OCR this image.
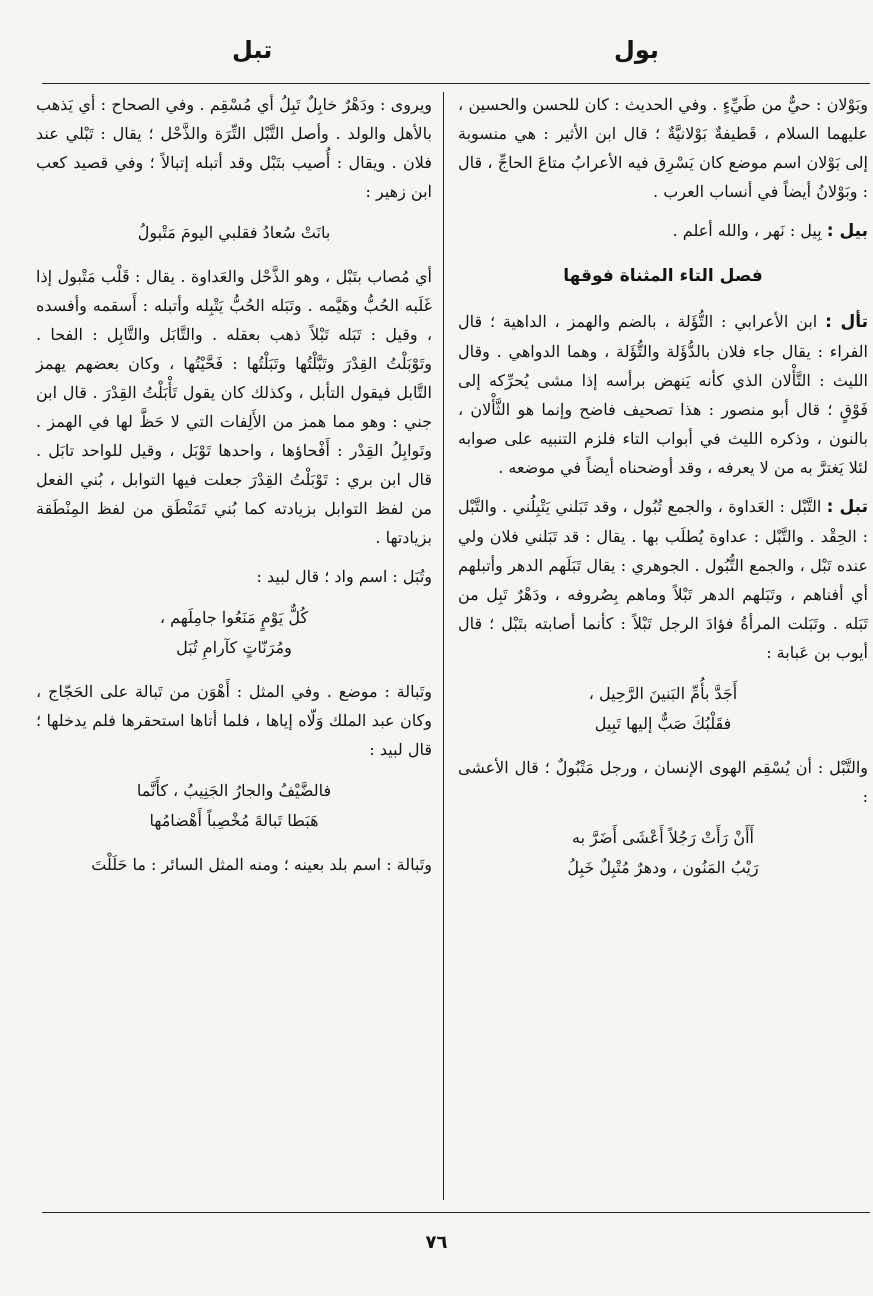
تبل	بول

وبَوْلان : حيٌّ من طَيِّءٍ . وفي الحديث : كان للحسن والحسين ، عليهما السلام ، قَطيفةٌ بَوْلانيَّةٌ ؛ قال ابن الأثير : هي منسوبة إلى بَوْلان اسم موضع كان يَسْرِق فيه الأعرابُ متاعَ الحاجِّ ، قال : وبَوْلانُ أيضاً في أنساب العرب .

بيل : بِيل : نَهر ، والله أعلم .

فصل التاء المثناة فوقها

تأل : ابن الأعرابي : التُّؤَلة ، بالضم والهمز ، الداهية ؛ قال الفراء : يقال جاء فلان بالدُّؤَلة والتُّؤَلة ، وهما الدواهي . وقال الليث : التَّأْلان الذي كأنه يَنهض برأسه إذا مشى يُحرِّكه إلى فَوْقٍ ؛ قال أبو منصور : هذا تصحيف فاضح وإنما هو الثَّأْلان ، بالنون ، وذكره الليث في أبواب التاء فلزم التنبيه على صوابه لئلا يَغترَّ به من لا يعرفه ، وقد أوضحناه أيضاً في موضعه .

تبل : التَّبْل : العَداوة ، والجمع تُبُول ، وقد تَبَلني يَتْبِلُني . والتَّبْل : الحِقْد . والتَّبْل : عداوة يُطلَب بها . يقال : قد تَبَلني فلان ولي عنده تَبْل ، والجمع التُّبُول . الجوهري : يقال تَبَلَهم الدهر وأتبلهم أي أفناهم ، وتَبَلهم الدهر تَبْلاً وماهم بِصُروفه ، ودَهْرٌ تَبِل من تَبَله . وتَبَلت المرأةُ فؤادَ الرجل تَبْلاً : كأنما أصابته بتَبْل ؛ قال أيوب بن عَبابة :

أَجَدَّ بأُمِّ البَنينَ الرَّحِيل ،
فقَلْبُكَ صَبٌّ إليها تَبِيل

والتَّبْل : أن يُسْقِم الهوى الإنسان ، ورجل مَتْبُولٌ ؛ قال الأعشى :

أَأَنْ رَأَتْ رَجُلاً أَعْشَى أَضَرَّ به
رَيْبُ المَنُون ، ودهرٌ مُتْبِلٌ خَبِلُ

ويروى : ودَهْرٌ خابِلٌ تَبِلُ أي مُسْقِم . وفي الصحاح : أي يَذهب بالأهل والولد . وأصل التَّبْل التِّرَة والذَّحْل ؛ يقال : تَبْلي عند فلان . ويقال : أُصيب بتَبْل وقد أتبله إتبالاً ؛ وفي قصيد كعب ابن زهير :

بانَتْ سُعادُ فقلبي اليومَ مَتْبولُ

أي مُصاب بتَبْل ، وهو الذَّحْل والعَداوة . يقال : قَلْب مَتْبول إذا غَلَبه الحُبُّ وهَيَّمه . وتَبَله الحُبُّ يَتْبِله وأتبله : أَسقمه وأفسده ، وقيل : تَبَله تَبْلاً ذهب بعقله . والتَّابَل والتَّابِل : الفحا . وتَوْبَلْتُ القِدْرَ وتَبَّلْتُها وتَبَلْتُها : فَحَّيْتُها ، وكان بعضهم يهمز التَّابل فيقول التأبل ، وكذلك كان يقول تَأْبَلْتُ القِدْرَ . قال ابن جني : وهو مما همز من الأَلِفات التي لا حَظَّ لها في الهمز . وتَوابِلُ القِدْر : أَفْحاؤها ، واحدها تَوْبَل ، وقيل للواحد تابَل . قال ابن بري : تَوْبَلْتُ القِدْرَ جعلت فيها التوابل ، بُني الفعل من لفظ التوابل بزيادته كما بُني تَمَنْطَق من لفظ المِنْطَقة بزيادتها .

وتُبَل : اسم واد ؛ قال لبيد :

كُلٌّ يَوْمٍ مَنَعُوا جامِلَهم ،
ومُرَنّاتٍ كآرامِ تُبَل

وتَبالة : موضع . وفي المثل : أَهْوَن من تَبالة على الحَجّاج ، وكان عبد الملك وَلّاه إياها ، فلما أتاها استحقرها فلم يدخلها ؛ قال لبيد :

فالضَّيْفُ والجارُ الجَنِيبُ ، كأَنَّما
هَبَطا تَبالةَ مُخْصِباً أَهْضامُها

وتَبالة : اسم بلد بعينه ؛ ومنه المثل السائر : ما حَلَلْتَ

٧٦
